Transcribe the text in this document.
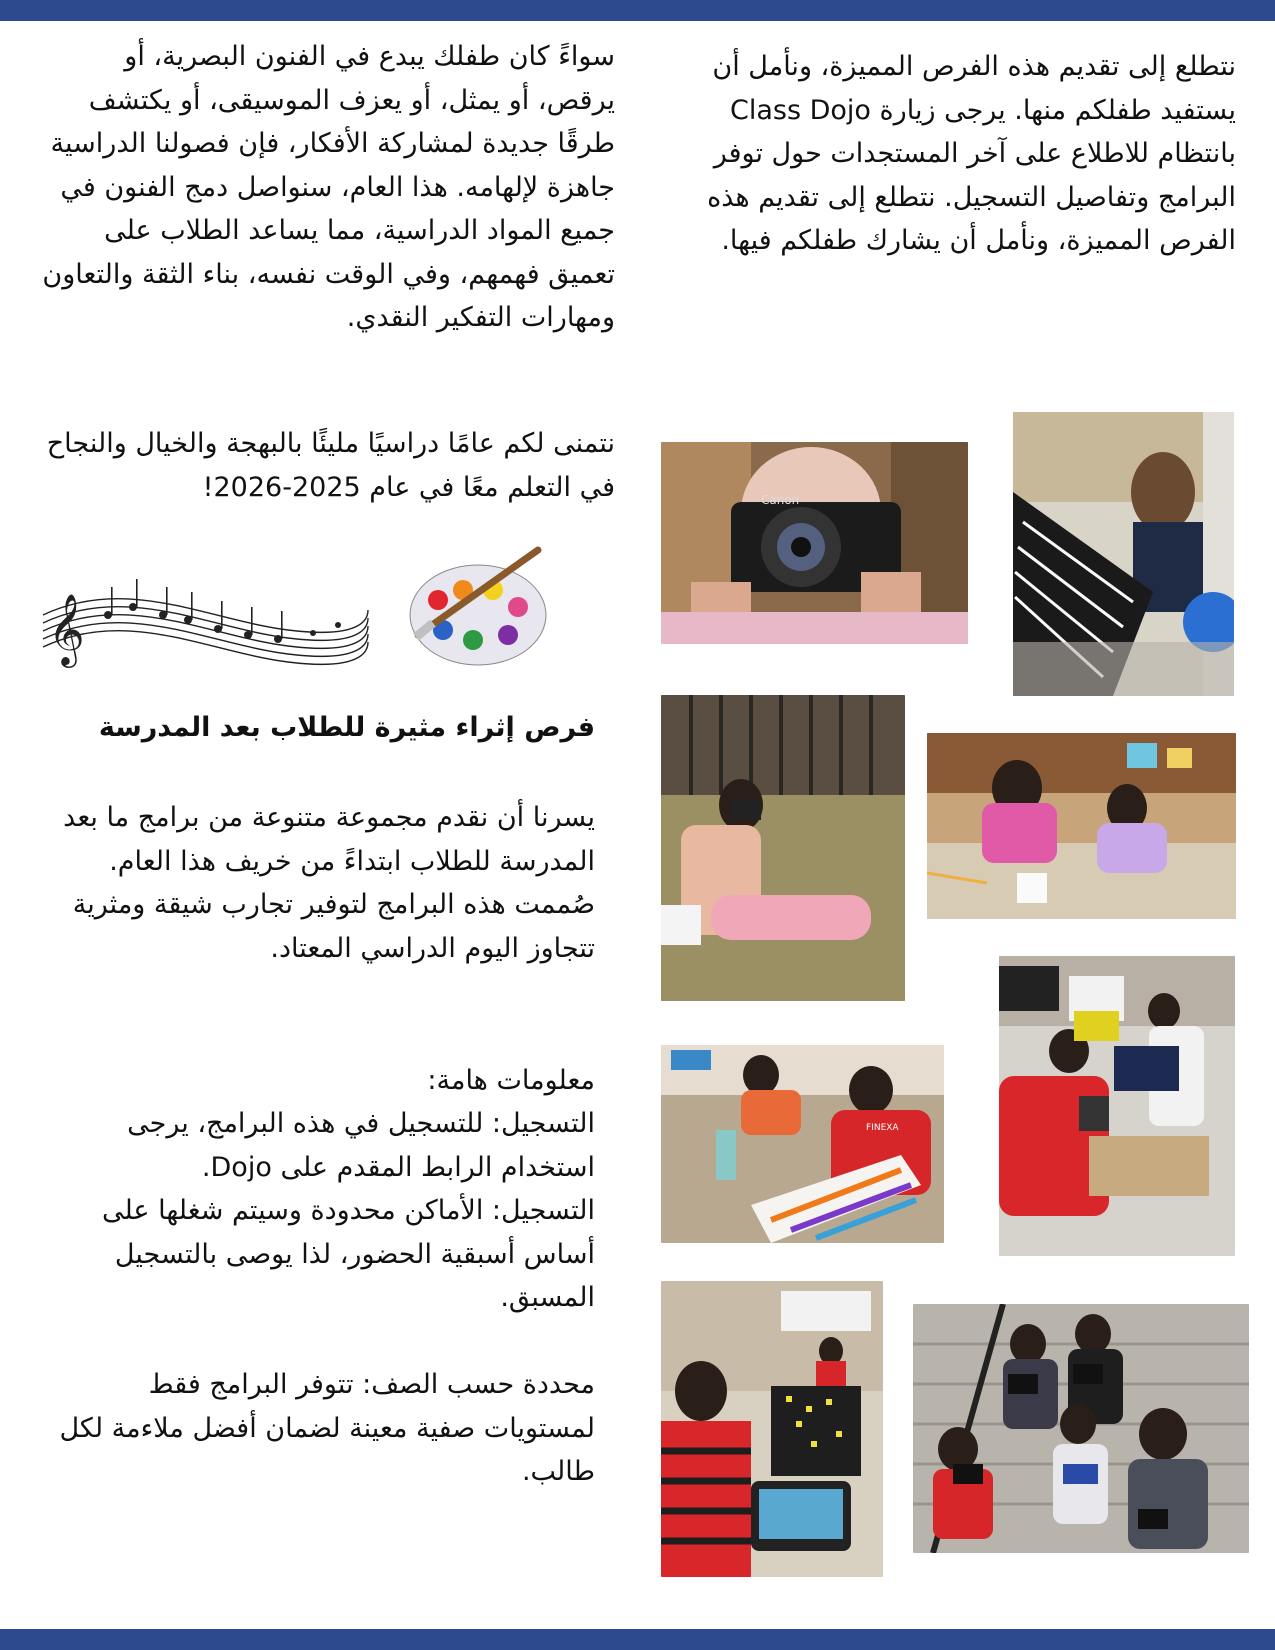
سواءً كان طفلك يبدع في الفنون البصرية، أو يرقص، أو يمثل، أو يعزف الموسيقى، أو يكتشف طرقًا جديدة لمشاركة الأفكار، فإن فصولنا الدراسية جاهزة لإلهامه. هذا العام، سنواصل دمج الفنون في جميع المواد الدراسية، مما يساعد الطلاب على تعميق فهمهم، وفي الوقت نفسه، بناء الثقة والتعاون ومهارات التفكير النقدي.

نتمنى لكم عامًا دراسيًا مليئًا بالبهجة والخيال والنجاح في التعلم معًا في عام 2025-2026!

𝄞
فرص إثراء مثيرة للطلاب بعد المدرسة

يسرنا أن نقدم مجموعة متنوعة من برامج ما بعد المدرسة للطلاب ابتداءً من خريف هذا العام. صُممت هذه البرامج لتوفير تجارب شيقة ومثرية تتجاوز اليوم الدراسي المعتاد.

معلومات هامة:

التسجيل: للتسجيل في هذه البرامج، يرجى استخدام الرابط المقدم على Dojo.

التسجيل: الأماكن محدودة وسيتم شغلها على أساس أسبقية الحضور، لذا يوصى بالتسجيل المسبق.

محددة حسب الصف: تتوفر البرامج فقط لمستويات صفية معينة لضمان أفضل ملاءمة لكل طالب.

نتطلع إلى تقديم هذه الفرص المميزة، ونأمل أن يستفيد طفلكم منها. يرجى زيارة Class Dojo بانتظام للاطلاع على آخر المستجدات حول توفر البرامج وتفاصيل التسجيل. نتطلع إلى تقديم هذه الفرص المميزة، ونأمل أن يشارك طفلكم فيها.

Canon
FINEXA
